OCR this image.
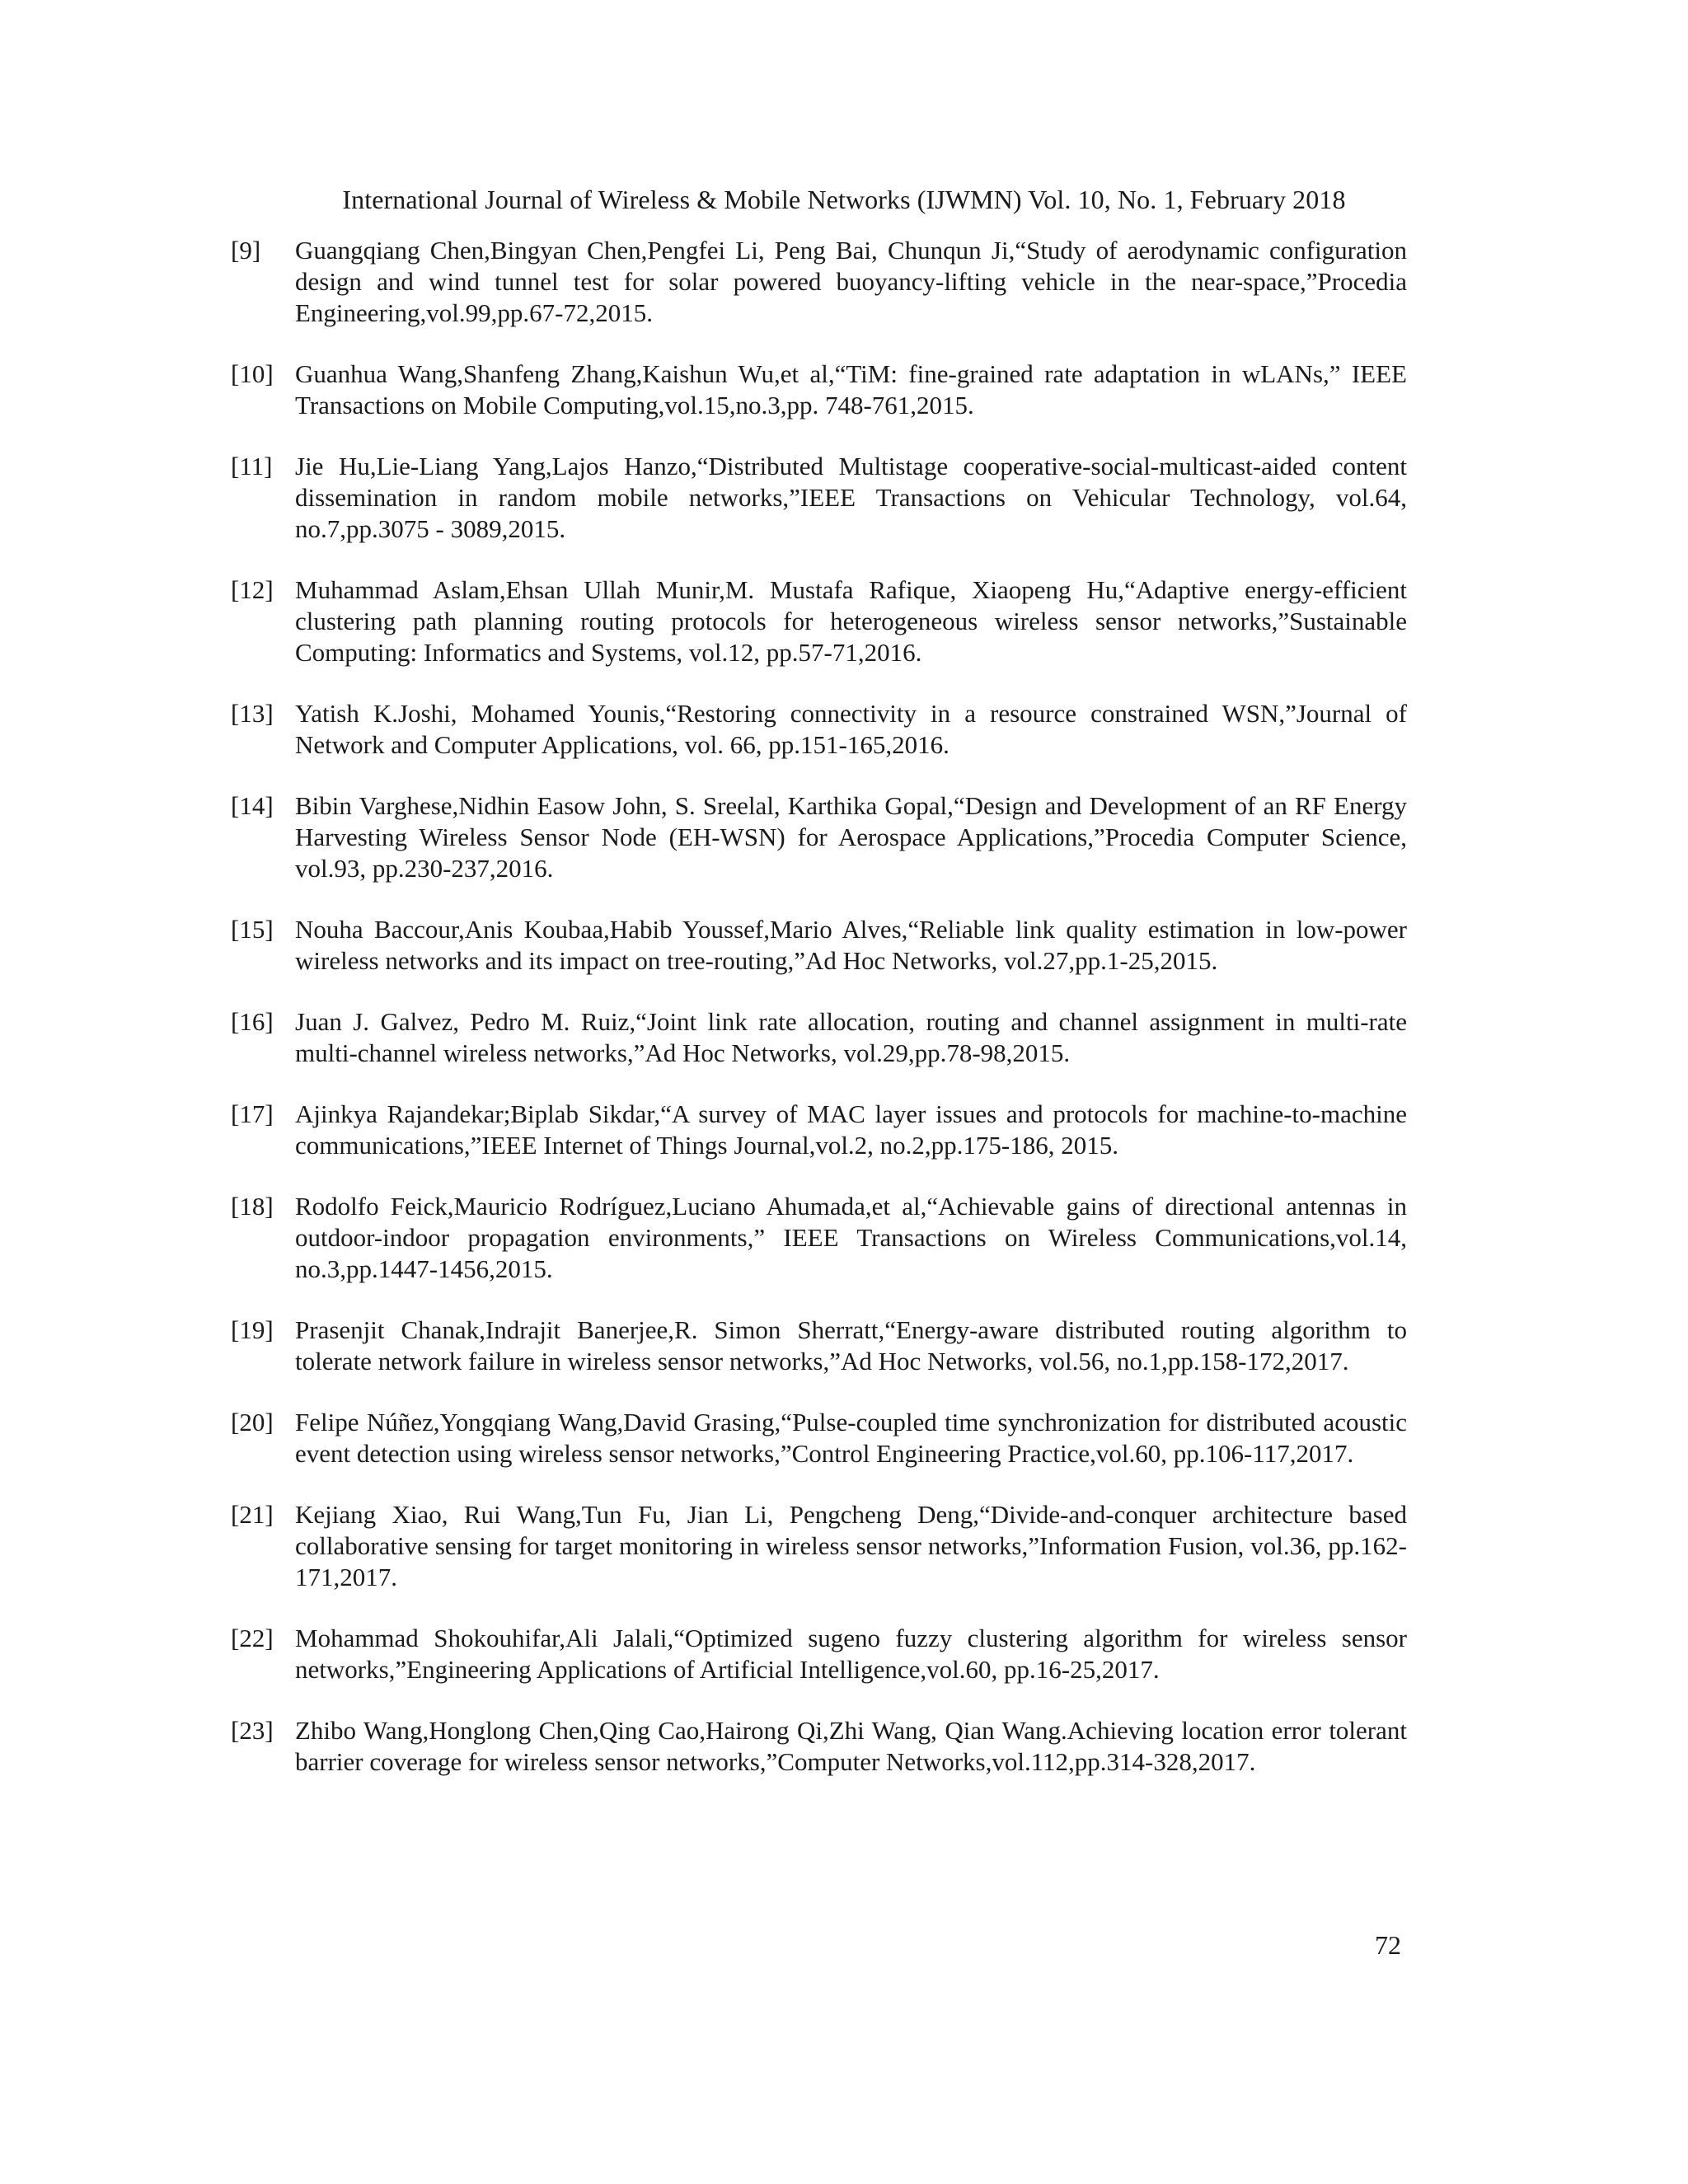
International Journal of Wireless & Mobile Networks (IJWMN) Vol. 10, No. 1, February 2018
[9]	Guangqiang Chen,Bingyan Chen,Pengfei Li, Peng Bai, Chunqun Ji,“Study of aerodynamic configuration design and wind tunnel test for solar powered buoyancy-lifting vehicle in the near-space,”Procedia Engineering,vol.99,pp.67-72,2015.
[10] Guanhua Wang,Shanfeng Zhang,Kaishun Wu,et al,“TiM: fine-grained rate adaptation in wLANs,” IEEE Transactions on Mobile Computing,vol.15,no.3,pp. 748-761,2015.
[11] Jie Hu,Lie-Liang Yang,Lajos Hanzo,“Distributed Multistage cooperative-social-multicast-aided content dissemination in random mobile networks,”IEEE Transactions on Vehicular Technology, vol.64, no.7,pp.3075 - 3089,2015.
[12] Muhammad Aslam,Ehsan Ullah Munir,M. Mustafa Rafique, Xiaopeng Hu,“Adaptive energy-efficient clustering path planning routing protocols for heterogeneous wireless sensor networks,”Sustainable Computing: Informatics and Systems, vol.12, pp.57-71,2016.
[13] Yatish K.Joshi, Mohamed Younis,“Restoring connectivity in a resource constrained WSN,”Journal of Network and Computer Applications, vol. 66, pp.151-165,2016.
[14] Bibin Varghese,Nidhin Easow John, S. Sreelal, Karthika Gopal,“Design and Development of an RF Energy Harvesting Wireless Sensor Node (EH-WSN) for Aerospace Applications,”Procedia Computer Science, vol.93, pp.230-237,2016.
[15] Nouha Baccour,Anis Koubaa,Habib Youssef,Mario Alves,“Reliable link quality estimation in low-power wireless networks and its impact on tree-routing,”Ad Hoc Networks, vol.27,pp.1-25,2015.
[16] Juan J. Galvez, Pedro M. Ruiz,“Joint link rate allocation, routing and channel assignment in multi-rate multi-channel wireless networks,”Ad Hoc Networks, vol.29,pp.78-98,2015.
[17] Ajinkya Rajandekar;Biplab Sikdar,“A survey of MAC layer issues and protocols for machine-to-machine communications,”IEEE Internet of Things Journal,vol.2, no.2,pp.175-186, 2015.
[18] Rodolfo Feick,Mauricio Rodríguez,Luciano Ahumada,et al,“Achievable gains of directional antennas in outdoor-indoor propagation environments,” IEEE Transactions on Wireless Communications,vol.14, no.3,pp.1447-1456,2015.
[19] Prasenjit Chanak,Indrajit Banerjee,R. Simon Sherratt,“Energy-aware distributed routing algorithm to tolerate network failure in wireless sensor networks,”Ad Hoc Networks, vol.56, no.1,pp.158-172,2017.
[20] Felipe Núñez,Yongqiang Wang,David Grasing,“Pulse-coupled time synchronization for distributed acoustic event detection using wireless sensor networks,”Control Engineering Practice,vol.60, pp.106-117,2017.
[21] Kejiang Xiao, Rui Wang,Tun Fu, Jian Li, Pengcheng Deng,“Divide-and-conquer architecture based collaborative sensing for target monitoring in wireless sensor networks,”Information Fusion, vol.36, pp.162-171,2017.
[22] Mohammad Shokouhifar,Ali Jalali,“Optimized sugeno fuzzy clustering algorithm for wireless sensor networks,”Engineering Applications of Artificial Intelligence,vol.60, pp.16-25,2017.
[23] Zhibo Wang,Honglong Chen,Qing Cao,Hairong Qi,Zhi Wang, Qian Wang.Achieving location error tolerant barrier coverage for wireless sensor networks,”Computer Networks,vol.112,pp.314-328,2017.
72
